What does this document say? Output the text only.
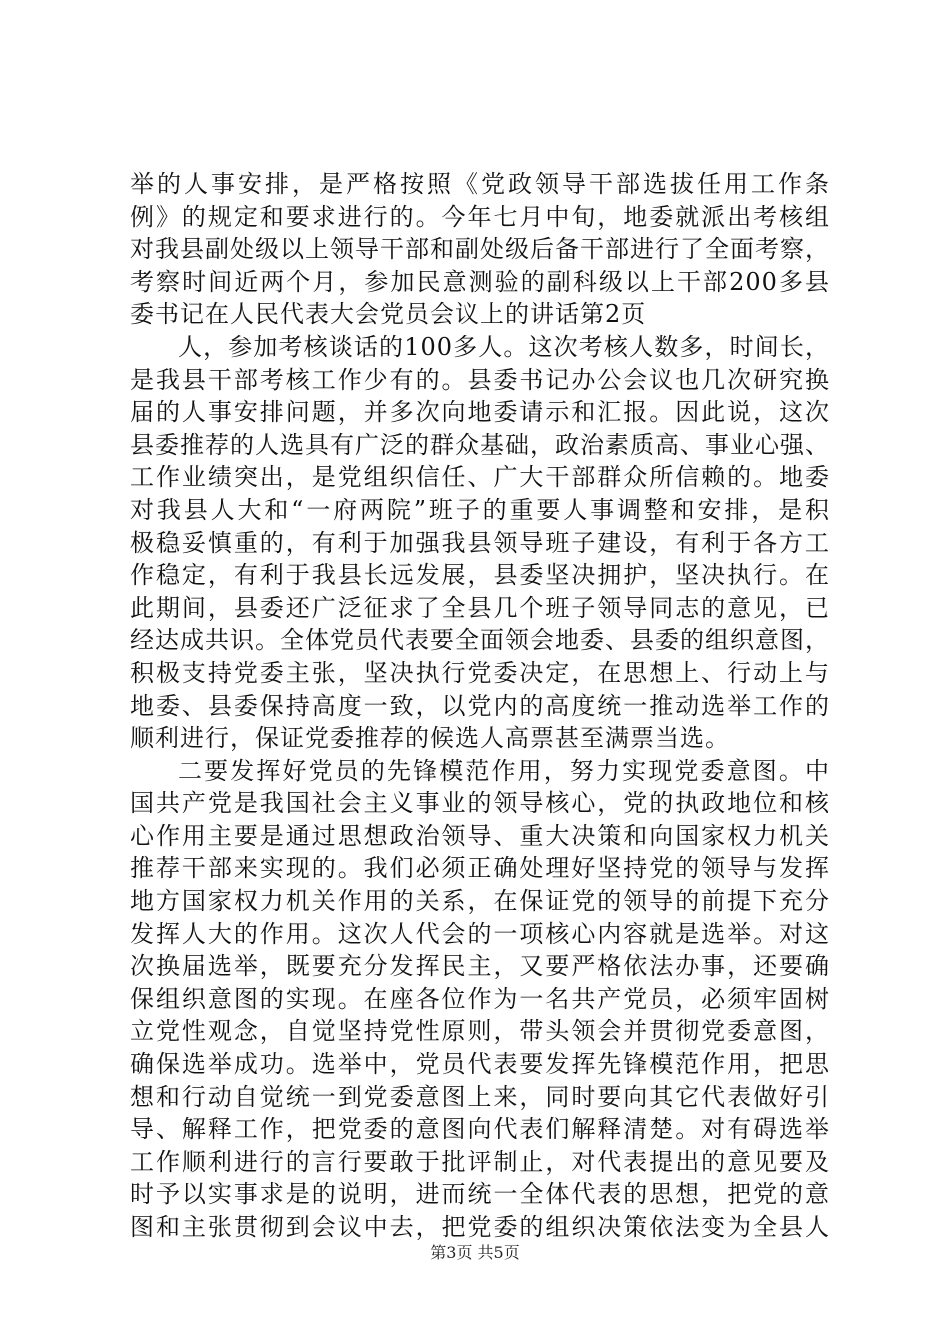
举的人事安排，是严格按照《党政领导干部选拔任用工作条
例》的规定和要求进行的。今年七月中旬，地委就派出考核组
对我县副处级以上领导干部和副处级后备干部进行了全面考察，
考察时间近两个月，参加民意测验的副科级以上干部200多县
委书记在人民代表大会党员会议上的讲话第2页
人，参加考核谈话的100多人。这次考核人数多，时间长，
是我县干部考核工作少有的。县委书记办公会议也几次研究换
届的人事安排问题，并多次向地委请示和汇报。因此说，这次
县委推荐的人选具有广泛的群众基础，政治素质高、事业心强、
工作业绩突出，是党组织信任、广大干部群众所信赖的。地委
对我县人大和“一府两院”班子的重要人事调整和安排，是积
极稳妥慎重的，有利于加强我县领导班子建设，有利于各方工
作稳定，有利于我县长远发展，县委坚决拥护，坚决执行。在
此期间，县委还广泛征求了全县几个班子领导同志的意见，已
经达成共识。全体党员代表要全面领会地委、县委的组织意图，
积极支持党委主张，坚决执行党委决定，在思想上、行动上与
地委、县委保持高度一致，以党内的高度统一推动选举工作的
顺利进行，保证党委推荐的候选人高票甚至满票当选。
二要发挥好党员的先锋模范作用，努力实现党委意图。中
国共产党是我国社会主义事业的领导核心，党的执政地位和核
心作用主要是通过思想政治领导、重大决策和向国家权力机关
推荐干部来实现的。我们必须正确处理好坚持党的领导与发挥
地方国家权力机关作用的关系，在保证党的领导的前提下充分
发挥人大的作用。这次人代会的一项核心内容就是选举。对这
次换届选举，既要充分发挥民主，又要严格依法办事，还要确
保组织意图的实现。在座各位作为一名共产党员，必须牢固树
立党性观念，自觉坚持党性原则，带头领会并贯彻党委意图，
确保选举成功。选举中，党员代表要发挥先锋模范作用，把思
想和行动自觉统一到党委意图上来，同时要向其它代表做好引
导、解释工作，把党委的意图向代表们解释清楚。对有碍选举
工作顺利进行的言行要敢于批评制止，对代表提出的意见要及
时予以实事求是的说明，进而统一全体代表的思想，把党的意
图和主张贯彻到会议中去，把党委的组织决策依法变为全县人
第3页 共5页
